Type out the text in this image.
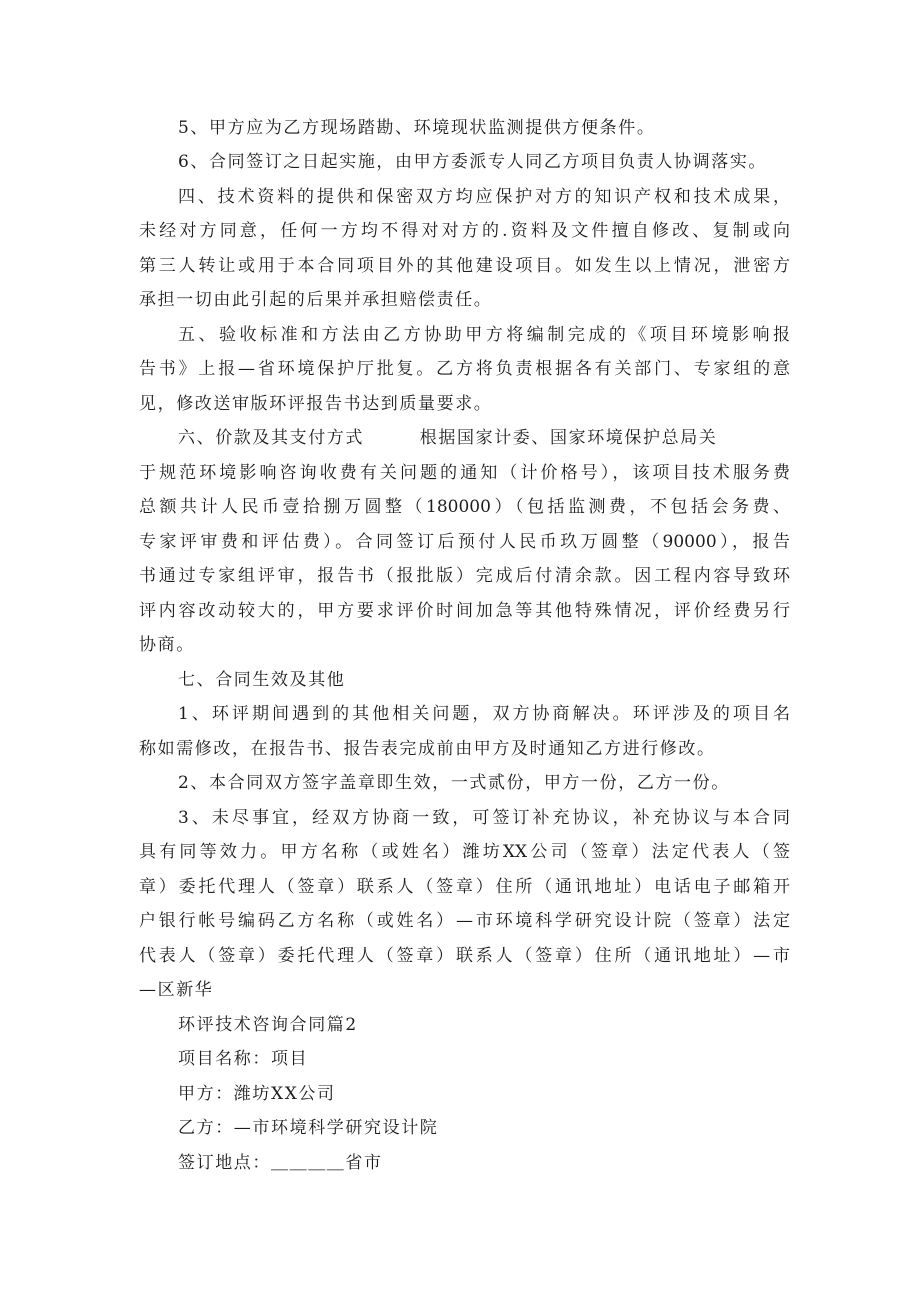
5、甲方应为乙方现场踏勘、环境现状监测提供方便条件。
6、合同签订之日起实施，由甲方委派专人同乙方项目负责人协调落实。
四、技术资料的提供和保密双方均应保护对方的知识产权和技术成果，
未经对方同意，任何一方均不得对对方的.资料及文件擅自修改、复制或向
第三人转让或用于本合同项目外的其他建设项目。如发生以上情况，泄密方
承担一切由此引起的后果并承担赔偿责任。
五、验收标准和方法由乙方协助甲方将编制完成的《项目环境影响报
告书》上报—省环境保护厅批复。乙方将负责根据各有关部门、专家组的意
见，修改送审版环评报告书达到质量要求。
六、价款及其支付方式　　　根据国家计委、国家环境保护总局关
于规范环境影响咨询收费有关问题的通知（计价格号），该项目技术服务费
总额共计人民币壹拾捌万圆整（180000）（包括监测费，不包括会务费、
专家评审费和评估费）。合同签订后预付人民币玖万圆整（90000），报告
书通过专家组评审，报告书（报批版）完成后付清余款。因工程内容导致环
评内容改动较大的，甲方要求评价时间加急等其他特殊情况，评价经费另行
协商。
七、合同生效及其他
1、环评期间遇到的其他相关问题，双方协商解决。环评涉及的项目名
称如需修改，在报告书、报告表完成前由甲方及时通知乙方进行修改。
2、本合同双方签字盖章即生效，一式贰份，甲方一份，乙方一份。
3、未尽事宜，经双方协商一致，可签订补充协议，补充协议与本合同
具有同等效力。甲方名称（或姓名）潍坊XX公司（签章）法定代表人（签
章）委托代理人（签章）联系人（签章）住所（通讯地址）电话电子邮箱开
户银行帐号编码乙方名称（或姓名）—市环境科学研究设计院（签章）法定
代表人（签章）委托代理人（签章）联系人（签章）住所（通讯地址）—市
—区新华
环评技术咨询合同篇2
项目名称：项目
甲方：潍坊XX公司
乙方：—市环境科学研究设计院
签订地点：＿＿＿＿省市
